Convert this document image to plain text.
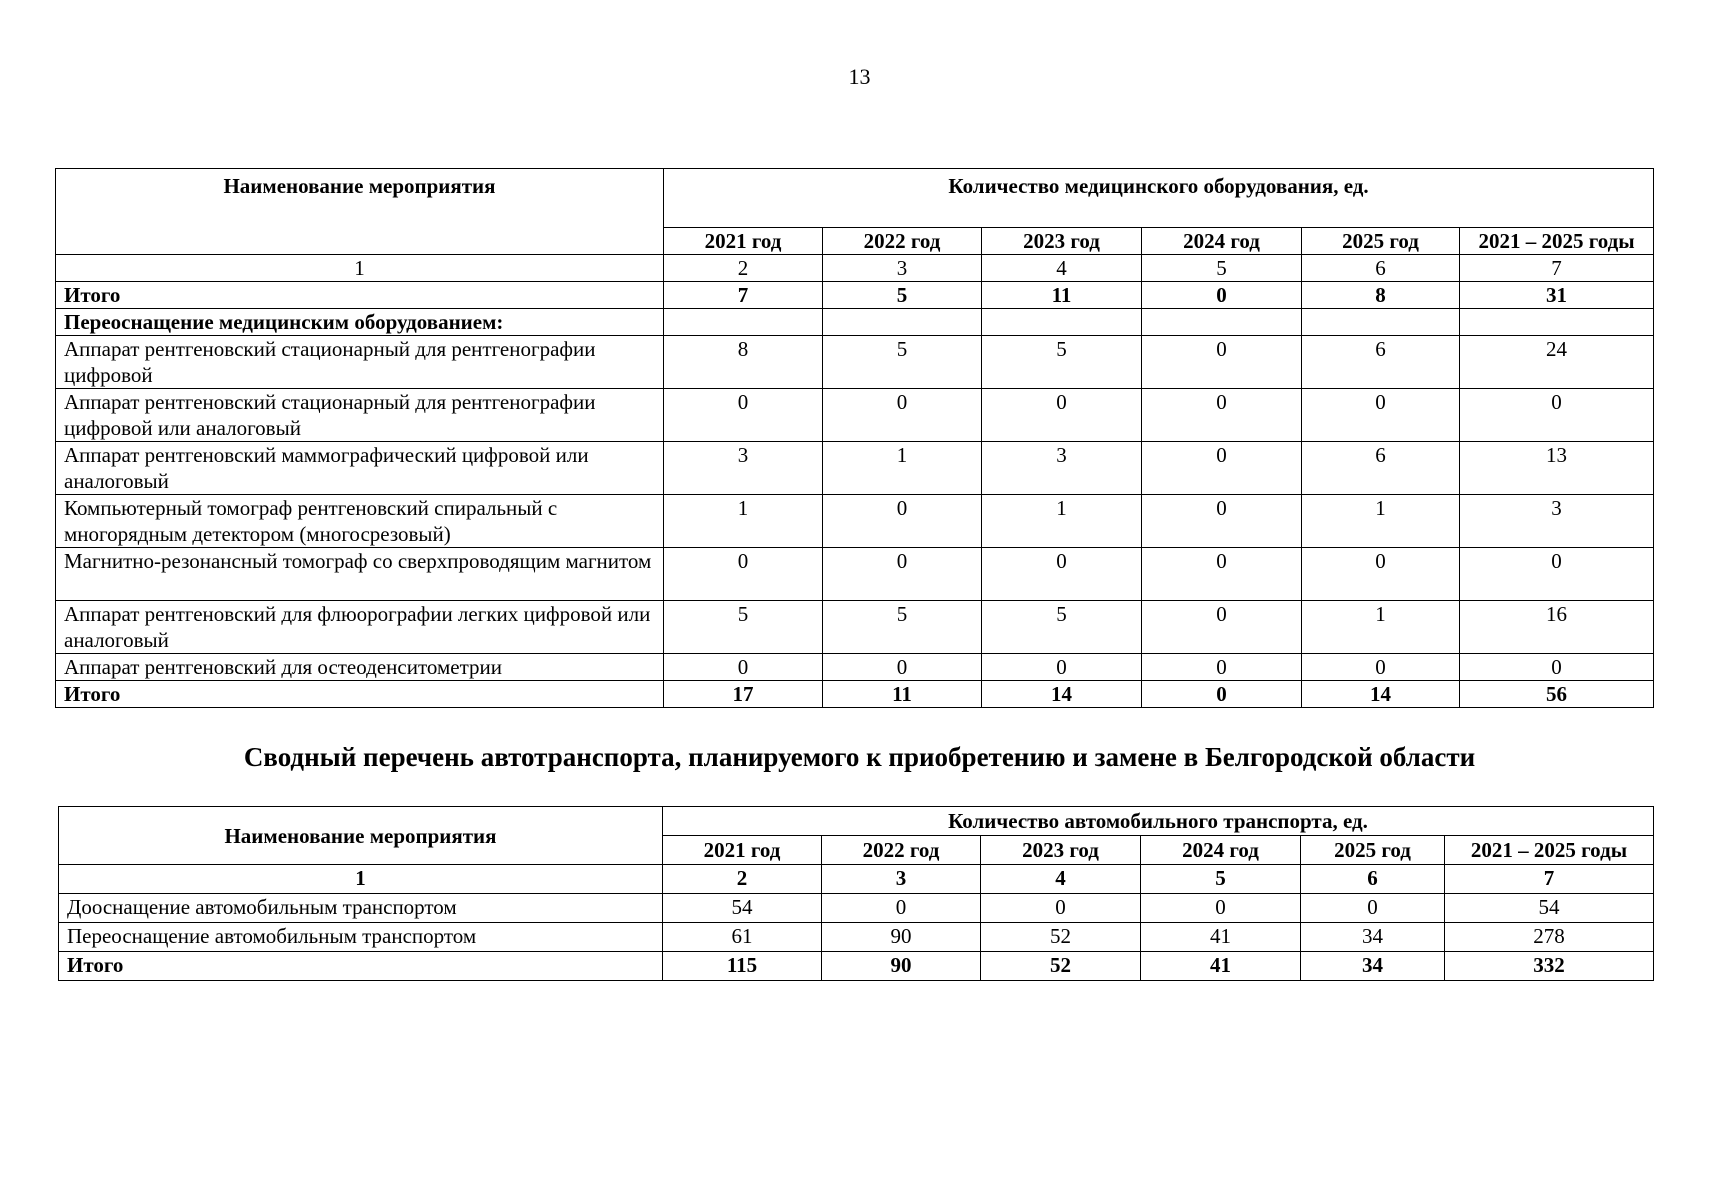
13
Наименование мероприятия	Количество медицинского оборудования, ед.					
	2021 год	2022 год	2023 год	2024 год	2025 год	2021 – 2025 годы
1	2	3	4	5	6	7
Итого	7	5	11	0	8	31
Переоснащение медицинским оборудованием:						
Аппарат рентгеновский стационарный для рентгенографии цифровой	8	5	5	0	6	24
Аппарат рентгеновский стационарный для рентгенографии цифровой или аналоговый	0	0	0	0	0	0
Аппарат рентгеновский маммографический цифровой или аналоговый	3	1	3	0	6	13
Компьютерный томограф рентгеновский спиральный с многорядным детектором (многосрезовый)	1	0	1	0	1	3
Магнитно-резонансный томограф со сверхпроводящим магнитом	0	0	0	0	0	0
Аппарат рентгеновский для флюорографии легких цифровой или аналоговый	5	5	5	0	1	16
Аппарат рентгеновский для остеоденситометрии	0	0	0	0	0	0
Итого	17	11	14	0	14	56
Сводный перечень автотранспорта, планируемого к приобретению и замене в Белгородской области
Наименование мероприятия	Количество автомобильного транспорта, ед.					
	2021 год	2022 год	2023 год	2024 год	2025 год	2021 – 2025 годы
1	2	3	4	5	6	7
Дооснащение автомобильным транспортом	54	0	0	0	0	54
Переоснащение автомобильным транспортом	61	90	52	41	34	278
Итого	115	90	52	41	34	332
